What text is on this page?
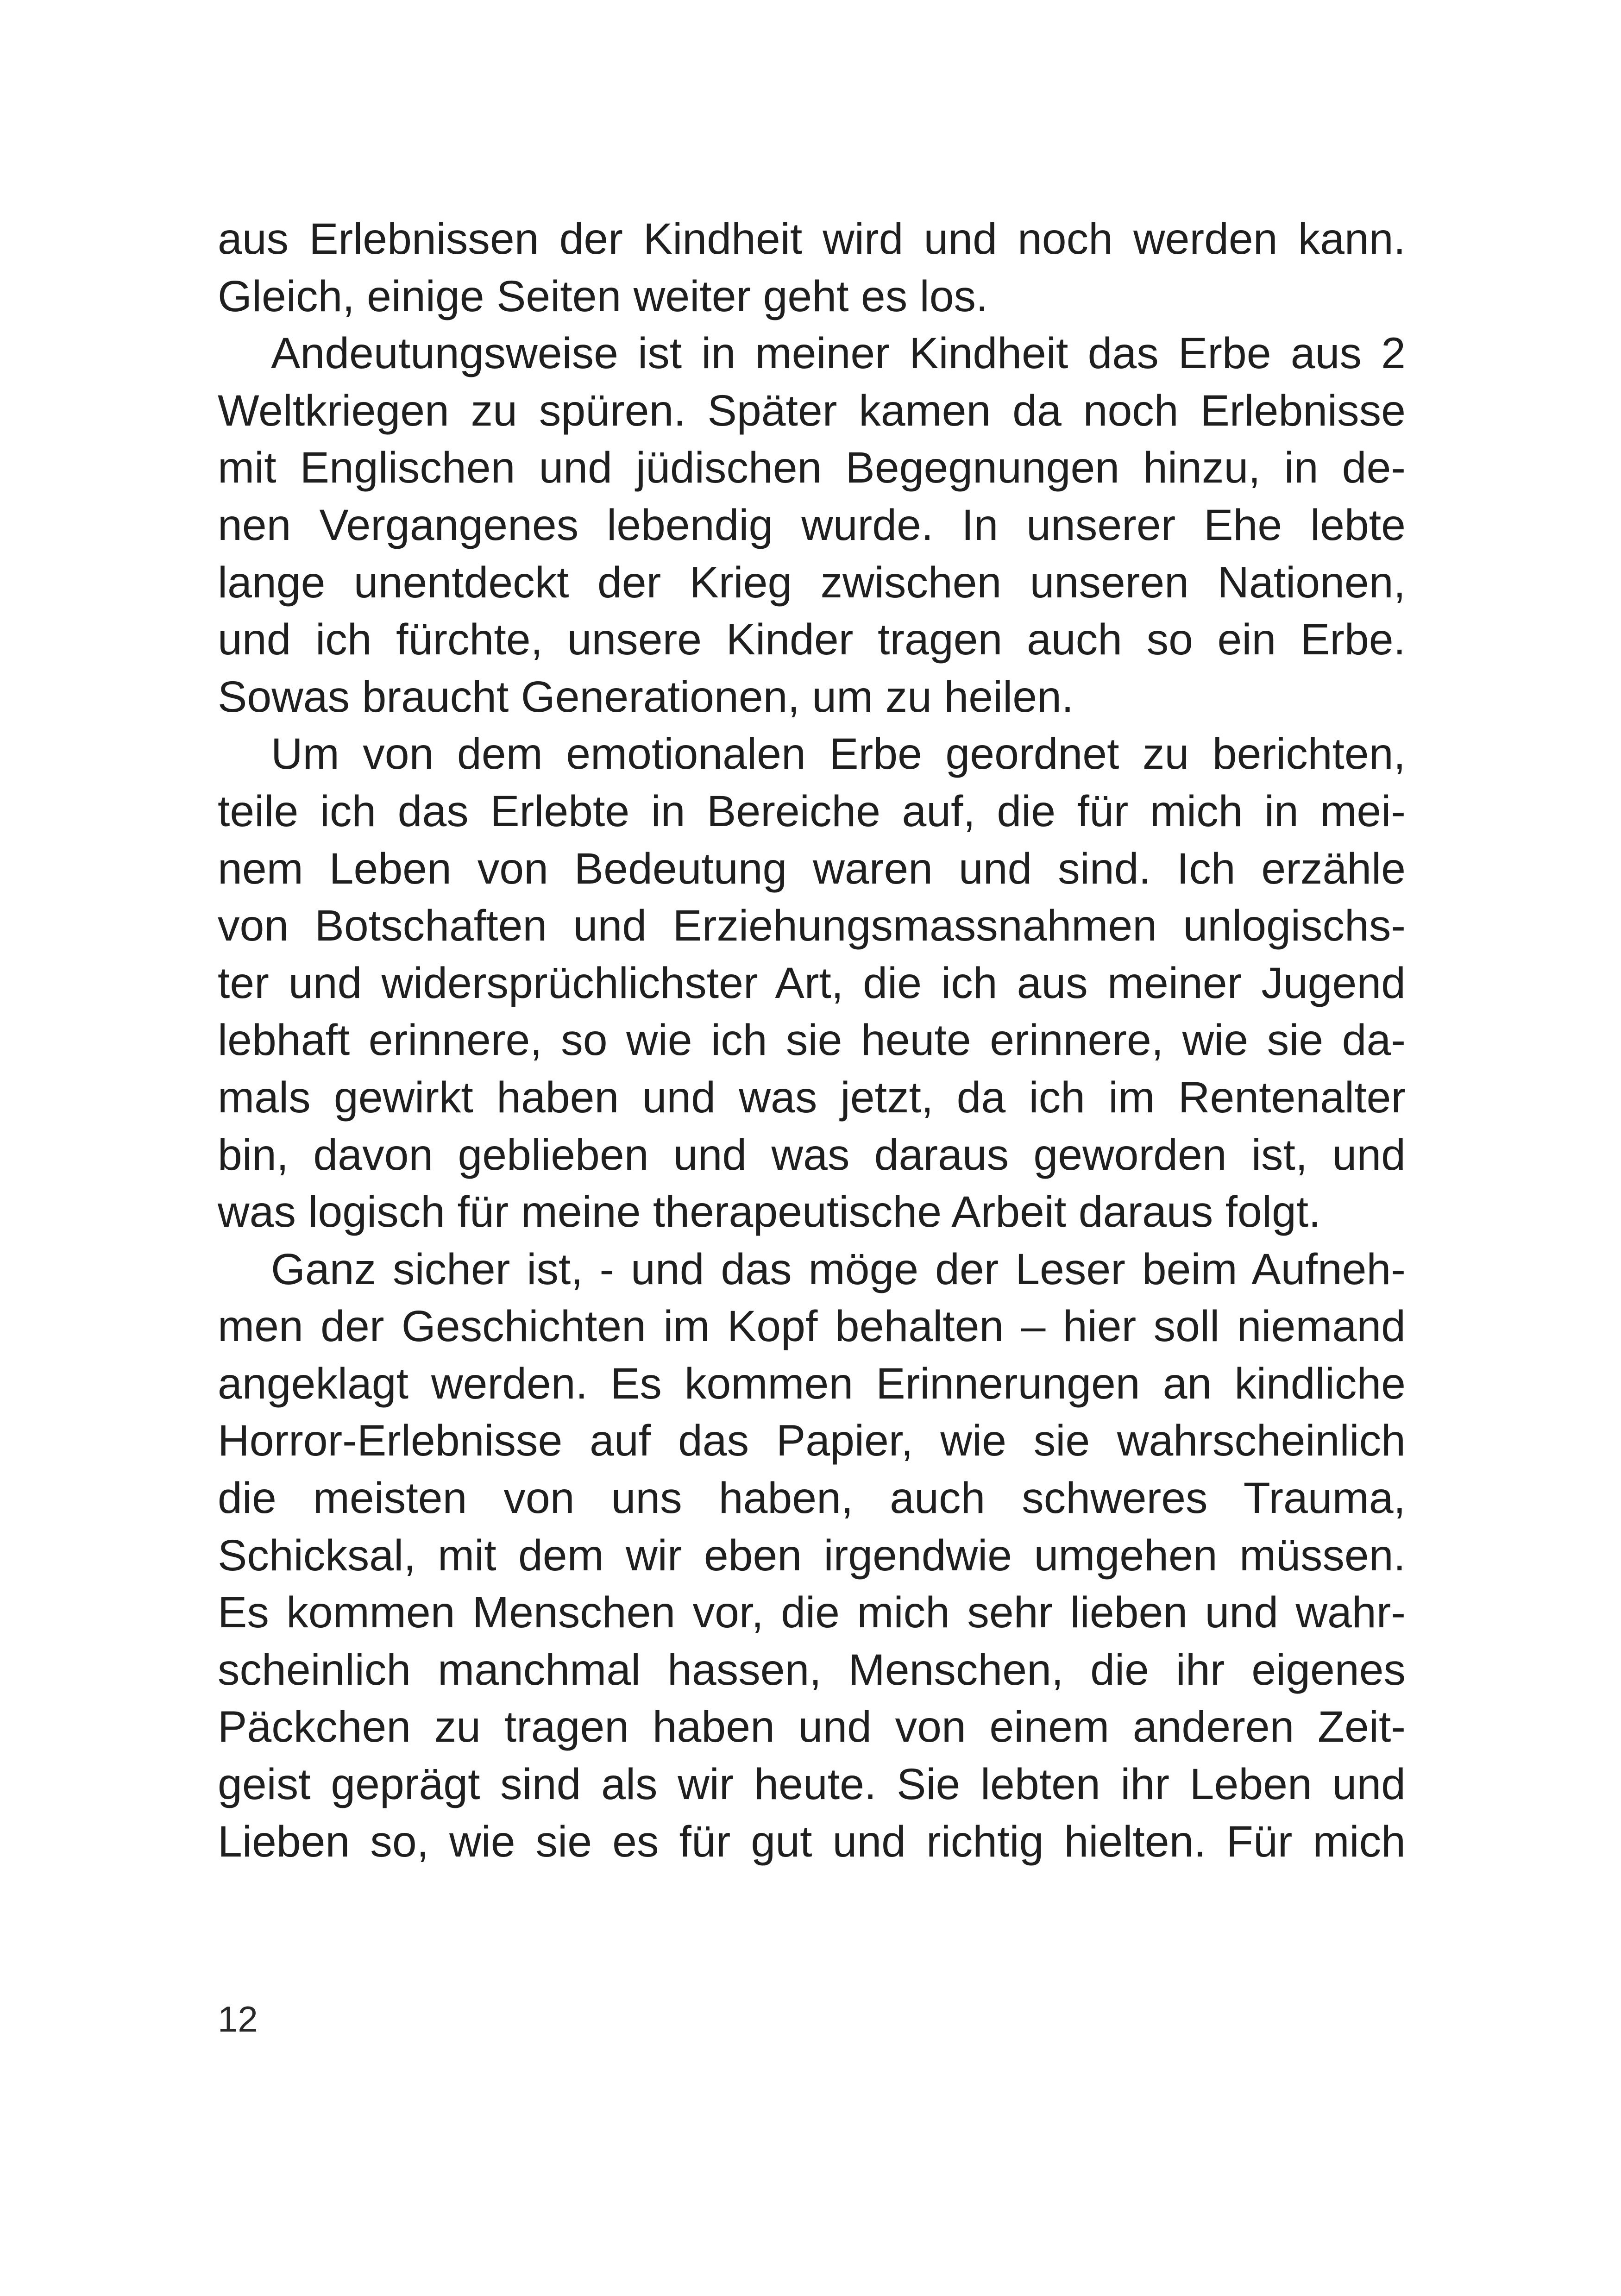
aus Erlebnissen der Kindheit wird und noch werden kann.
Gleich, einige Seiten weiter geht es los.
Andeutungsweise ist in meiner Kindheit das Erbe aus 2
Weltkriegen zu spüren. Später kamen da noch Erlebnisse
mit Englischen und jüdischen Begegnungen hinzu, in de-
nen Vergangenes lebendig wurde. In unserer Ehe lebte
lange unentdeckt der Krieg zwischen unseren Nationen,
und ich fürchte, unsere Kinder tragen auch so ein Erbe.
Sowas braucht Generationen, um zu heilen.
Um von dem emotionalen Erbe geordnet zu berichten,
teile ich das Erlebte in Bereiche auf, die für mich in mei-
nem Leben von Bedeutung waren und sind. Ich erzähle
von Botschaften und Erziehungsmassnahmen unlogischs-
ter und widersprüchlichster Art, die ich aus meiner Jugend
lebhaft erinnere, so wie ich sie heute erinnere, wie sie da-
mals gewirkt haben und was jetzt, da ich im Rentenalter
bin, davon geblieben und was daraus geworden ist, und
was logisch für meine therapeutische Arbeit daraus folgt.
Ganz sicher ist, - und das möge der Leser beim Aufneh-
men der Geschichten im Kopf behalten – hier soll niemand
angeklagt werden. Es kommen Erinnerungen an kindliche
Horror-Erlebnisse auf das Papier, wie sie wahrscheinlich
die meisten von uns haben, auch schweres Trauma,
Schicksal, mit dem wir eben irgendwie umgehen müssen.
Es kommen Menschen vor, die mich sehr lieben und wahr-
scheinlich manchmal hassen, Menschen, die ihr eigenes
Päckchen zu tragen haben und von einem anderen Zeit-
geist geprägt sind als wir heute. Sie lebten ihr Leben und
Lieben so, wie sie es für gut und richtig hielten. Für mich
12
